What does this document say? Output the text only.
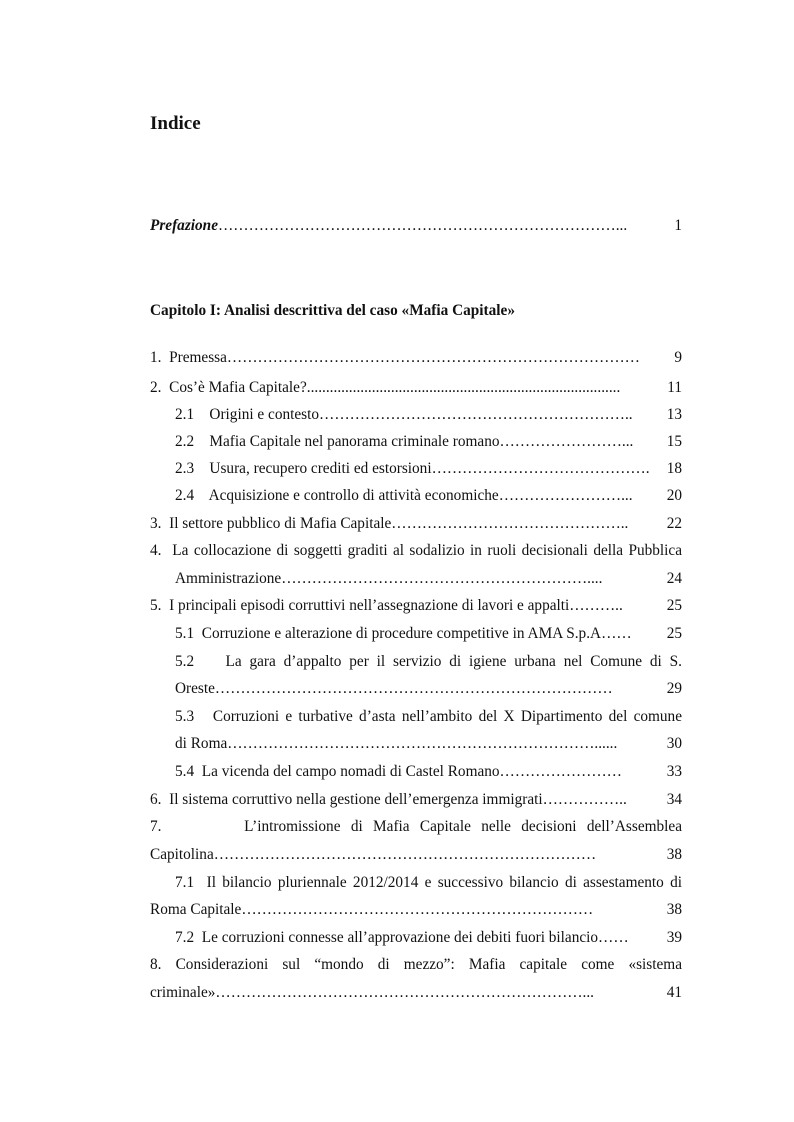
Indice
Prefazione……………………………………………………………………...	1
Capitolo I: Analisi descrittiva del caso «Mafia Capitale»
1.  Premessa……………………………………………………………………… 9
2.  Cos’è Mafia Capitale?..................................................................................	11
2.1    Origini e contesto…………………………………………………….. 13
2.2    Mafia Capitale nel panorama criminale romano……………………... 15
2.3    Usura, recupero crediti ed estorsioni……………………………………. 18
2.4    Acquisizione e controllo di attività economiche……………………... 20
3.  Il settore pubblico di Mafia Capitale………………………………………..	22
4.  La collocazione di soggetti graditi al sodalizio in ruoli decisionali della Pubblica
Amministrazione……………………………………………………....	24
5.  I principali episodi corruttivi nell’assegnazione di lavori e appalti………..	25
5.1  Corruzione e alterazione di procedure competitive in AMA S.p.A…… 25
5.2    La gara d’appalto per il servizio di igiene urbana nel Comune di S.
Oreste……………………………………………………………………	29
5.3   Corruzioni e turbative d’asta nell’ambito del X Dipartimento del comune
di Roma………………………………………………………………......	30
5.4  La vicenda del campo nomadi di Castel Romano……………………	33
6.  Il sistema corruttivo nella gestione dell’emergenza immigrati……………..	34
7.        L’intromissione di Mafia Capitale nelle decisioni dell’Assemblea
Capitolina…………………………………………………………………	38
7.1  Il bilancio pluriennale 2012/2014 e successivo bilancio di assestamento di
Roma Capitale……………………………………………………………	38
7.2  Le corruzioni connesse all’approvazione dei debiti fuori bilancio…… 39
8. Considerazioni sul “mondo di mezzo”: Mafia capitale come «sistema
criminale»………………………………………………………………...	41
